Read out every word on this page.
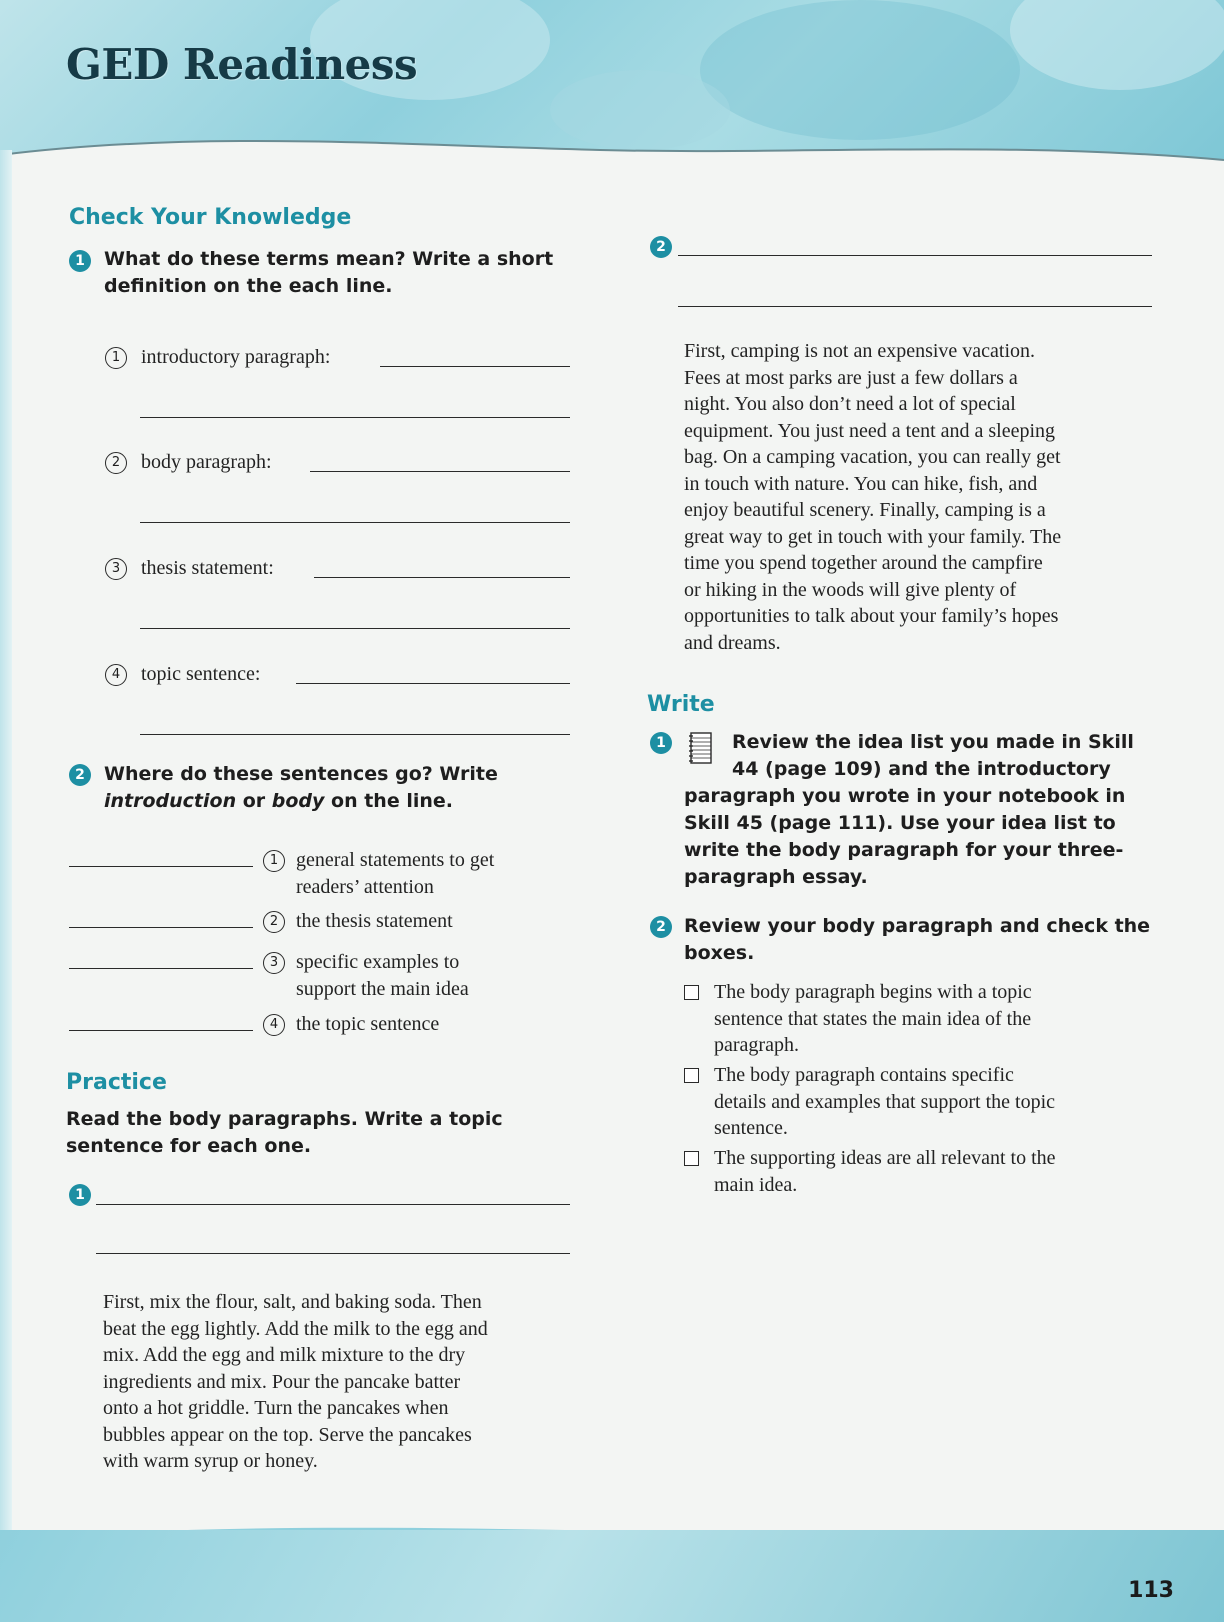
GED Readiness
Check Your Knowledge
1	What do these terms mean? Write a short

definition on the each line.

1	introductory paragraph:
2	body paragraph:
3	thesis statement:
4	topic sentence:
2	Where do these sentences go? Write

introduction or body on the line.

1 general statements to get
readers’ attention
2 the thesis statement
3 specific examples to
support the main idea
4 the topic sentence
Practice

Read the body paragraphs. Write a topic

sentence for each one.

1
First, mix the flour, salt, and baking soda. Then
beat the egg lightly. Add the milk to the egg and
mix. Add the egg and milk mixture to the dry
ingredients and mix. Pour the pancake batter
onto a hot griddle. Turn the pancakes when
bubbles appear on the top. Serve the pancakes
with warm syrup or honey.
2
First, camping is not an expensive vacation.
Fees at most parks are just a few dollars a
night. You also don’t need a lot of special
equipment. You just need a tent and a sleeping
bag. On a camping vacation, you can really get
in touch with nature. You can hike, fish, and
enjoy beautiful scenery. Finally, camping is a
great way to get in touch with your family. The
time you spend together around the campfire
or hiking in the woods will give plenty of
opportunities to talk about your family’s hopes
and dreams.
Write
1	Review the idea list you made in Skill

44 (page 109) and the introductory

paragraph you wrote in your notebook in

Skill 45 (page 111). Use your idea list to

write the body paragraph for your three-

paragraph essay.

2 Review your body paragraph and check the

boxes.

The body paragraph begins with a topic
sentence that states the main idea of the
paragraph.
The body paragraph contains specific
details and examples that support the topic
sentence.
The supporting ideas are all relevant to the
main idea.
113
